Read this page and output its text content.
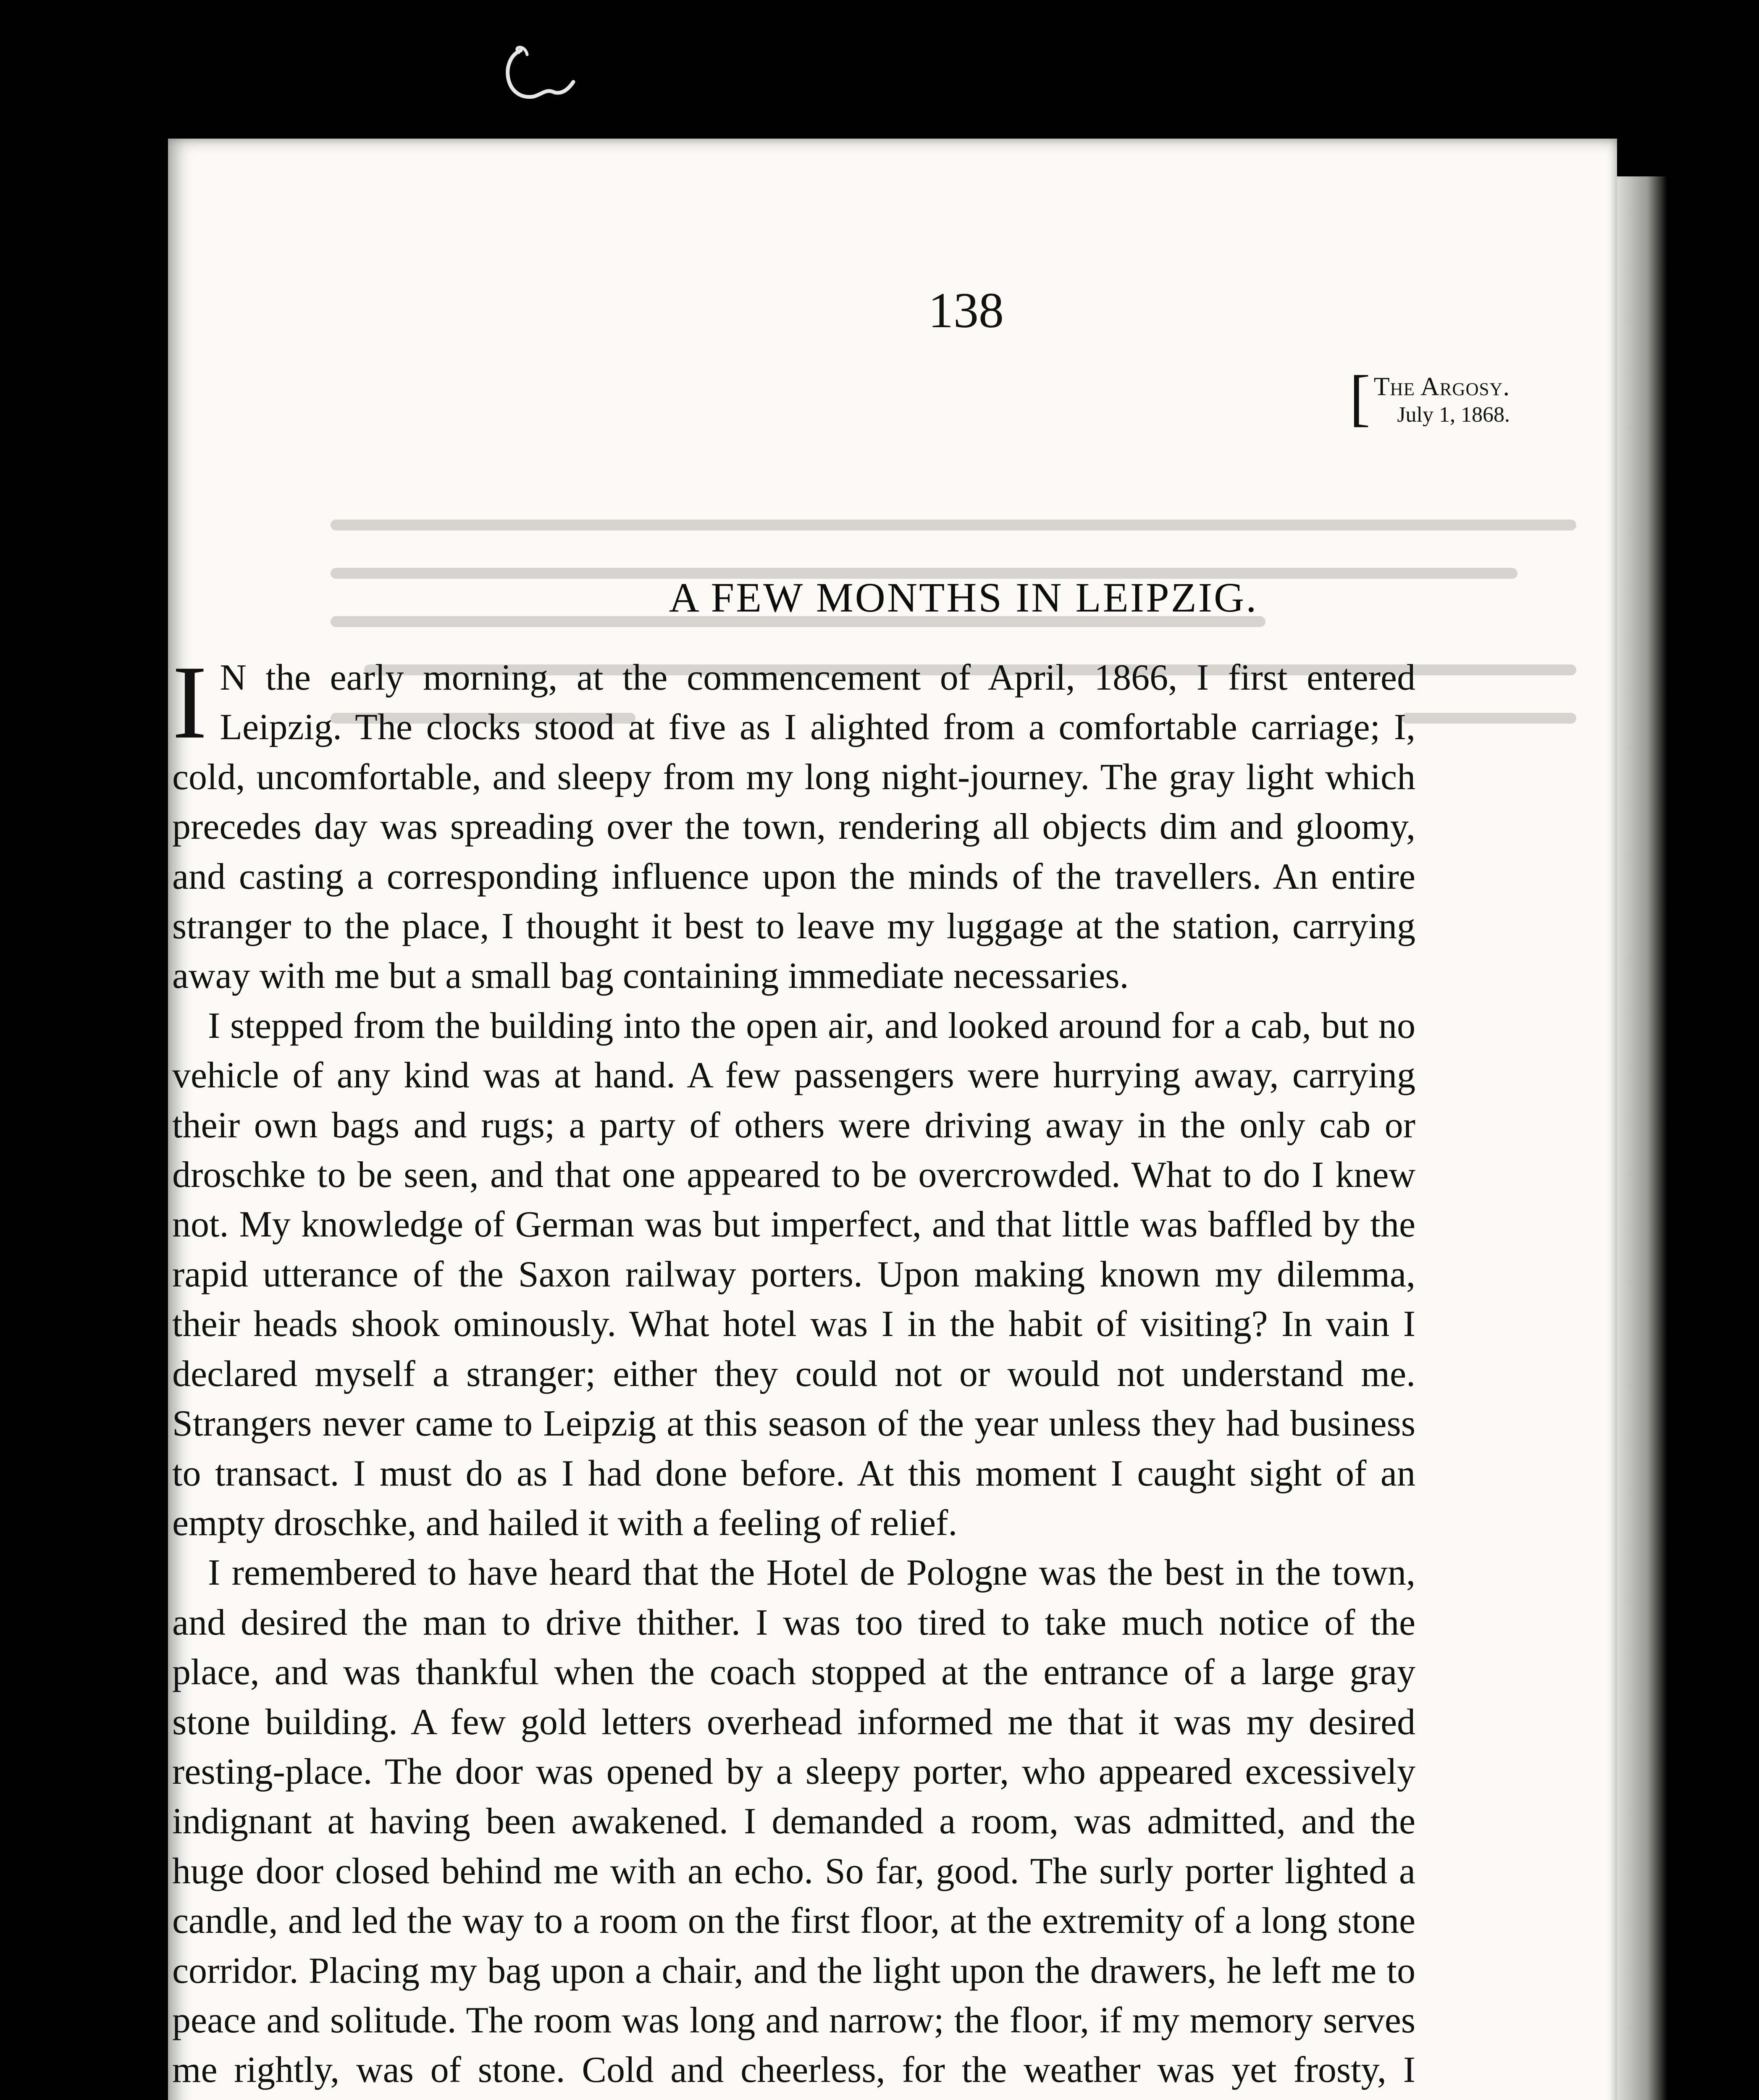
138
[ The Argosy.
July 1, 1868.
A FEW MONTHS IN LEIPZIG.

I N the early morning, at the commencement of April, 1866, I first entered Leipzig. The clocks stood at five as I alighted from a comfortable carriage; I, cold, uncomfortable, and sleepy from my long night-journey. The gray light which precedes day was spreading over the town, rendering all objects dim and gloomy, and casting a corresponding influence upon the minds of the travellers. An entire stranger to the place, I thought it best to leave my luggage at the station, carrying away with me but a small bag containing immediate necessaries.

I stepped from the building into the open air, and looked around for a cab, but no vehicle of any kind was at hand. A few passengers were hurrying away, carrying their own bags and rugs; a party of others were driving away in the only cab or droschke to be seen, and that one appeared to be overcrowded. What to do I knew not. My knowledge of German was but imperfect, and that little was baffled by the rapid utterance of the Saxon railway porters. Upon making known my dilemma, their heads shook ominously. What hotel was I in the habit of visiting? In vain I declared myself a stranger; either they could not or would not understand me. Strangers never came to Leipzig at this season of the year unless they had business to transact. I must do as I had done before. At this moment I caught sight of an empty droschke, and hailed it with a feeling of relief.

I remembered to have heard that the Hotel de Pologne was the best in the town, and desired the man to drive thither. I was too tired to take much notice of the place, and was thankful when the coach stopped at the entrance of a large gray stone building. A few gold letters overhead informed me that it was my desired resting-place. The door was opened by a sleepy porter, who appeared excessively indignant at having been awakened. I demanded a room, was admitted, and the huge door closed behind me with an echo. So far, good. The surly porter lighted a candle, and led the way to a room on the first floor, at the extremity of a long stone corridor. Placing my bag upon a chair, and the light upon the drawers, he left me to peace and solitude. The room was long and narrow; the floor, if my memory serves me rightly, was of stone. Cold and cheerless, for the weather was yet frosty, I
